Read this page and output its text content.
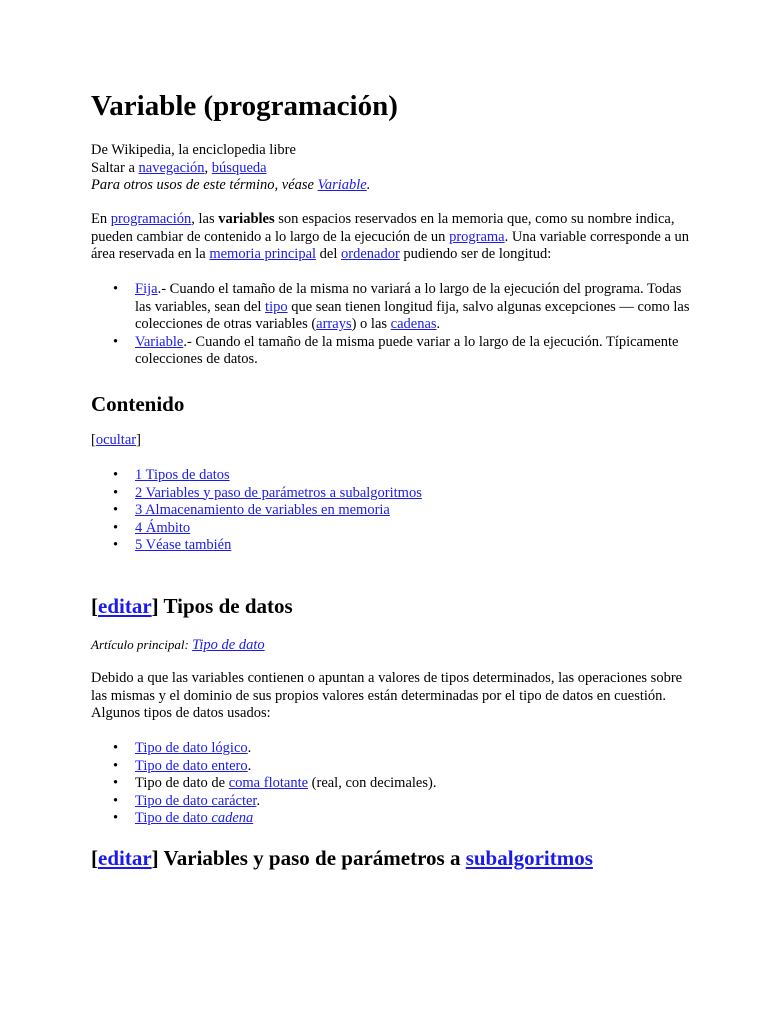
Variable (programación)
De Wikipedia, la enciclopedia libre
Saltar a navegación, búsqueda
Para otros usos de este término, véase Variable.
En programación, las variables son espacios reservados en la memoria que, como su nombre indica, pueden cambiar de contenido a lo largo de la ejecución de un programa. Una variable corresponde a un área reservada en la memoria principal del ordenador pudiendo ser de longitud:
• Fija.- Cuando el tamaño de la misma no variará a lo largo de la ejecución del programa. Todas las variables, sean del tipo que sean tienen longitud fija, salvo algunas excepciones — como las colecciones de otras variables (arrays) o las cadenas.
• Variable.- Cuando el tamaño de la misma puede variar a lo largo de la ejecución. Típicamente colecciones de datos.
Contenido
[ocultar]
• 1 Tipos de datos
• 2 Variables y paso de parámetros a subalgoritmos
• 3 Almacenamiento de variables en memoria
• 4 Ámbito
• 5 Véase también
[editar] Tipos de datos
Artículo principal: Tipo de dato
Debido a que las variables contienen o apuntan a valores de tipos determinados, las operaciones sobre las mismas y el dominio de sus propios valores están determinadas por el tipo de datos en cuestión. Algunos tipos de datos usados:
• Tipo de dato lógico.
• Tipo de dato entero.
• Tipo de dato de coma flotante (real, con decimales).
• Tipo de dato carácter.
• Tipo de dato cadena
[editar] Variables y paso de parámetros a subalgoritmos
